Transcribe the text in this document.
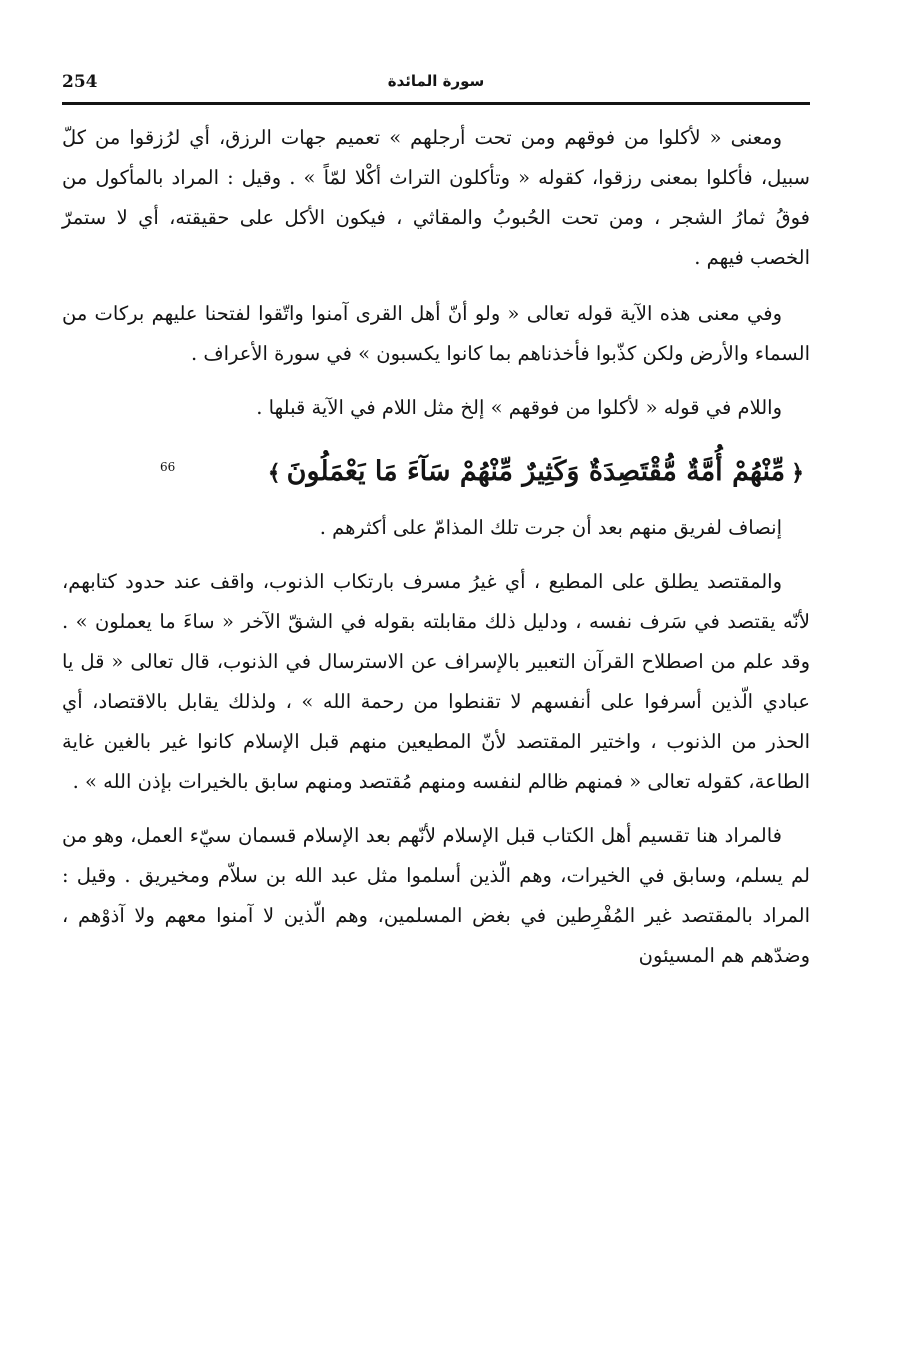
254	سورة المائدة

ومعنى « لأكلوا من فوقهم ومن تحت أرجلهم » تعميم جهات الرزق، أي لرُزقوا من كلّ سبيل، فأكلوا بمعنى رزقوا، كقوله « وتأكلون التراث أكْلا لمّاً » . وقيل : المراد بالمأكول من فوقُ ثمارُ الشجر ، ومن تحت الحُبوبُ والمقاثي ، فيكون الأكل على حقيقته، أي لا ستمرّ الخصب فيهم .

وفي معنى هذه الآية قوله تعالى « ولو أنّ أهل القرى آمنوا واتّقوا لفتحنا عليهم بركات من السماء والأرض ولكن كذّبوا فأخذناهم بما كانوا يكسبون » في سورة الأعراف .

واللام في قوله « لأكلوا من فوقهم » إلخ مثل اللام في الآية قبلها .

﴿مِّنْهُمْ أُمَّةٌ مُّقْتَصِدَةٌ وَكَثِيرٌ مِّنْهُمْ سَآءَ مَا يَعْمَلُونَ﴾
66

إنصاف لفريق منهم بعد أن جرت تلك المذامّ على أكثرهم .

والمقتصد يطلق على المطيع ، أي غيرُ مسرف بارتكاب الذنوب، واقف عند حدود كتابهم، لأنّه يقتصد في سَرف نفسه ، ودليل ذلك مقابلته بقوله في الشقّ الآخر « ساءَ ما يعملون » . وقد علم من اصطلاح القرآن التعبير بالإسراف عن الاسترسال في الذنوب، قال تعالى « قل يا عبادي الّذين أسرفوا على أنفسهم لا تقنطوا من رحمة الله » ، ولذلك يقابل بالاقتصاد، أي الحذر من الذنوب ، واختير المقتصد لأنّ المطيعين منهم قبل الإسلام كانوا غير بالغين غاية الطاعة، كقوله تعالى « فمنهم ظالم لنفسه ومنهم مُقتصد ومنهم سابق بالخيرات بإذن الله » .

فالمراد هنا تقسيم أهل الكتاب قبل الإسلام لأنّهم بعد الإسلام قسمان سيّء العمل، وهو من لم يسلم، وسابق في الخيرات، وهم الّذين أسلموا مثل عبد الله بن سلاّم ومخيريق . وقيل : المراد بالمقتصد غير المُفْرِطين في بغض المسلمين، وهم الّذين لا آمنوا معهم ولا آذوْهم ، وضدّهم هم المسيئون
